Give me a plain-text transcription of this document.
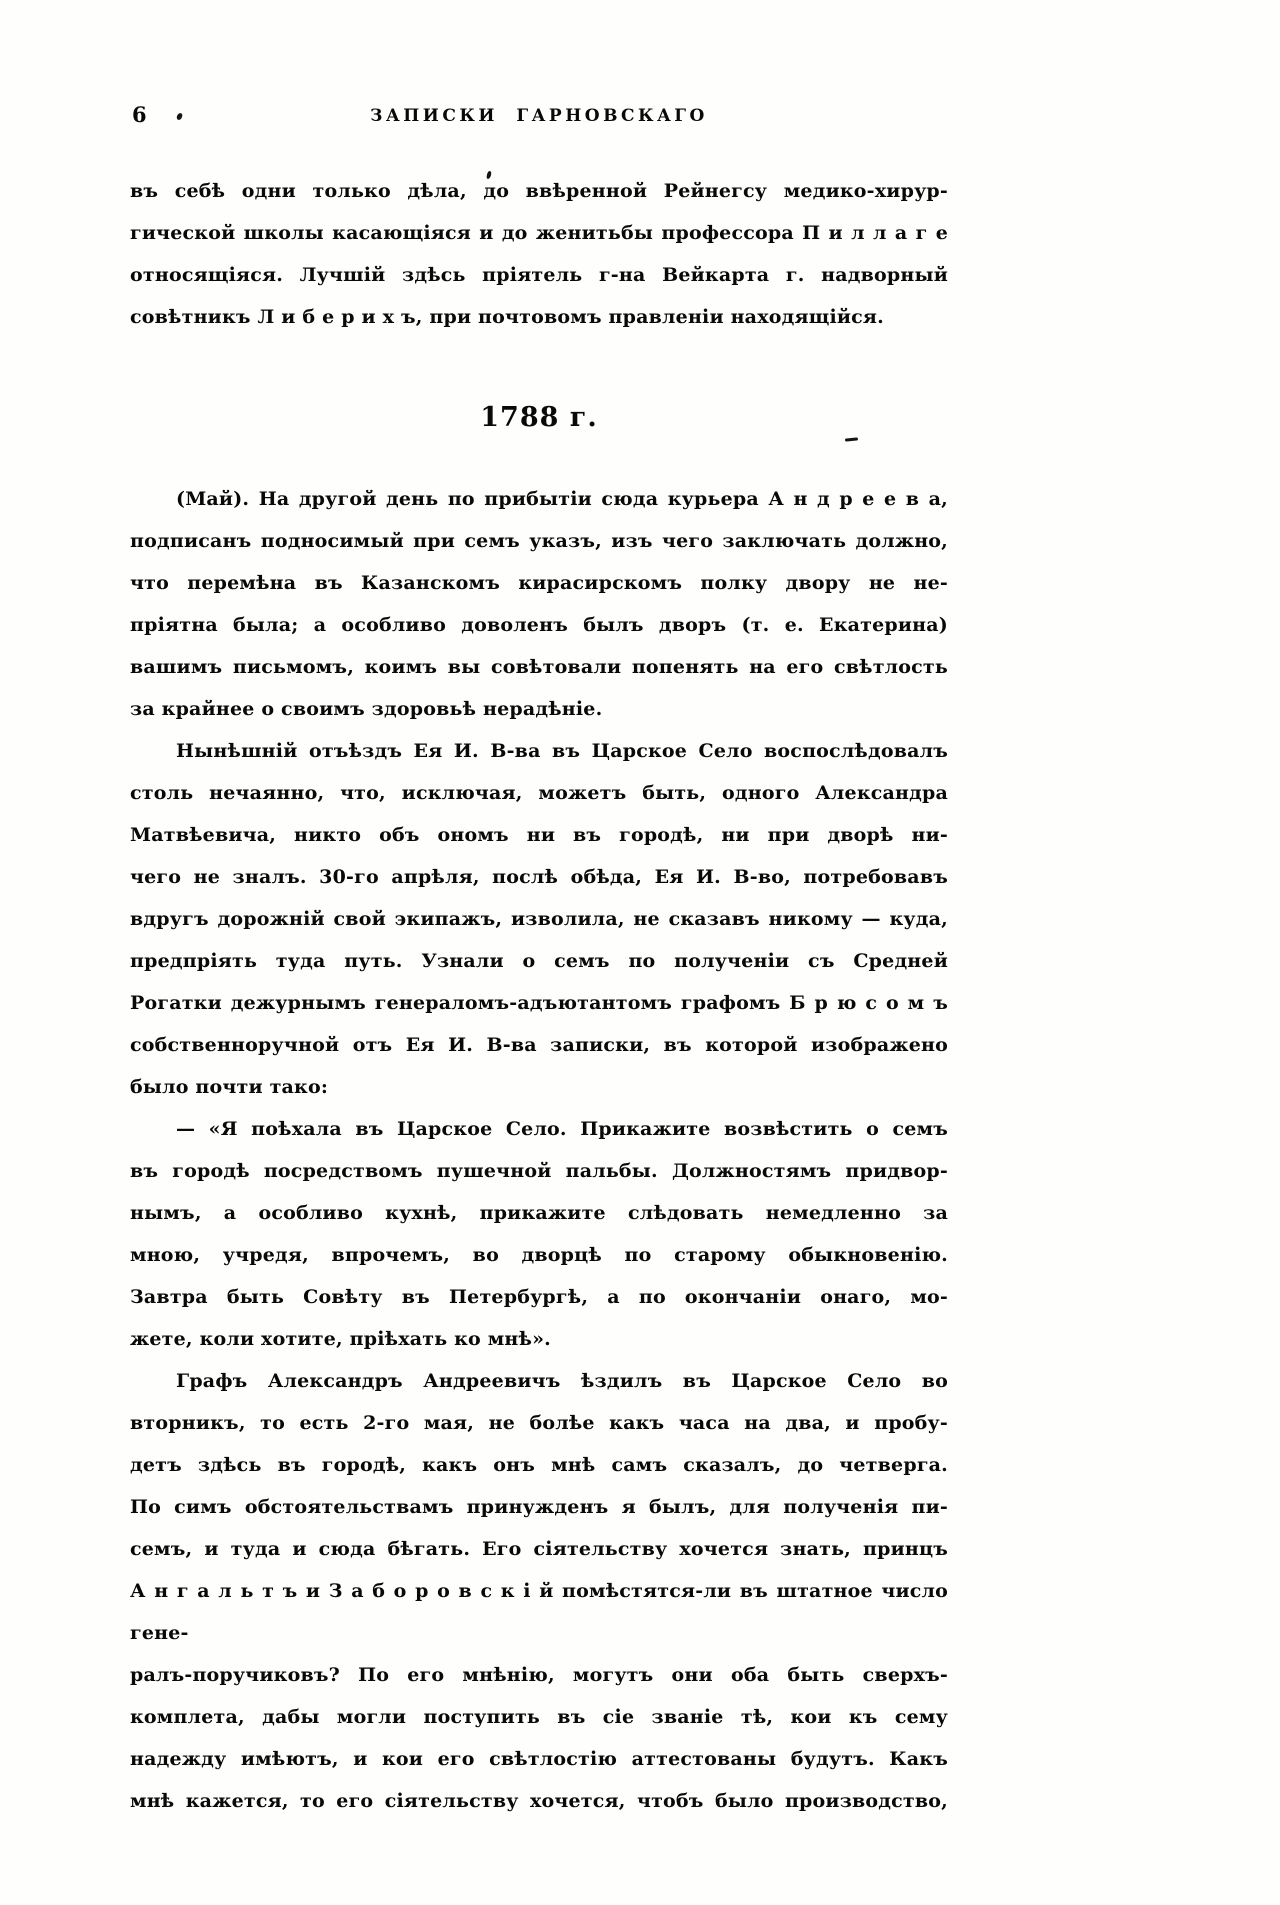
6	ЗАПИСКИ ГАРНОВСКАГО
въ себѣ одни только дѣла, до ввѣренной Рейнегсу медико-хирур-
гической школы касающіяся и до женитьбы профессора П и л л а г е
относящіяся. Лучшій здѣсь пріятель г-на Вейкарта г. надворный
совѣтникъ Л и б е р и х ъ, при почтовомъ правленіи находящійся.
1788 г.
(Май). На другой день по прибытіи сюда курьера А н д р е е в а,
подписанъ подносимый при семъ указъ, изъ чего заключать должно,
что перемѣна въ Казанскомъ кирасирскомъ полку двору не не-
пріятна была; а особливо доволенъ былъ дворъ (т. е. Екатерина)
вашимъ письмомъ, коимъ вы совѣтовали попенять на его свѣтлость
за крайнее о своимъ здоровьѣ нерадѣніе.
Нынѣшній отъѣздъ Ея И. В-ва въ Царское Село воспослѣдовалъ
столь нечаянно, что, исключая, можетъ быть, одного Александра
Матвѣевича, никто объ ономъ ни въ городѣ, ни при дворѣ ни-
чего не зналъ. 30-го апрѣля, послѣ обѣда, Ея И. В-во, потребовавъ
вдругъ дорожній свой экипажъ, изволила, не сказавъ никому — куда,
предпріять туда путь. Узнали о семъ по полученіи съ Средней
Рогатки дежурнымъ генераломъ-адъютантомъ графомъ Б р ю с о м ъ
собственноручной отъ Ея И. В-ва записки, въ которой изображено
было почти тако:
— «Я поѣхала въ Царское Село. Прикажите возвѣстить о семъ
въ городѣ посредствомъ пушечной пальбы. Должностямъ придвор-
нымъ, а особливо кухнѣ, прикажите слѣдовать немедленно за
мною, учредя, впрочемъ, во дворцѣ по старому обыкновенію.
Завтра быть Совѣту въ Петербургѣ, а по окончаніи онаго, мо-
жете, коли хотите, пріѣхать ко мнѣ».
Графъ Александръ Андреевичъ ѣздилъ въ Царское Село во
вторникъ, то есть 2-го мая, не болѣе какъ часа на два, и пробу-
детъ здѣсь въ городѣ, какъ онъ мнѣ самъ сказалъ, до четверга.
По симъ обстоятельствамъ принужденъ я былъ, для полученія пи-
семъ, и туда и сюда бѣгать. Его сіятельству хочется знать, принцъ
А н г а л ь т ъ и З а б о р о в с к і й помѣстятся-ли въ штатное число гене-
ралъ-поручиковъ? По его мнѣнію, могутъ они оба быть сверхъ-
комплета, дабы могли поступить въ сіе званіе тѣ, кои къ сему
надежду имѣютъ, и кои его свѣтлостію аттестованы будутъ. Какъ
мнѣ кажется, то его сіятельству хочется, чтобъ было производство,
